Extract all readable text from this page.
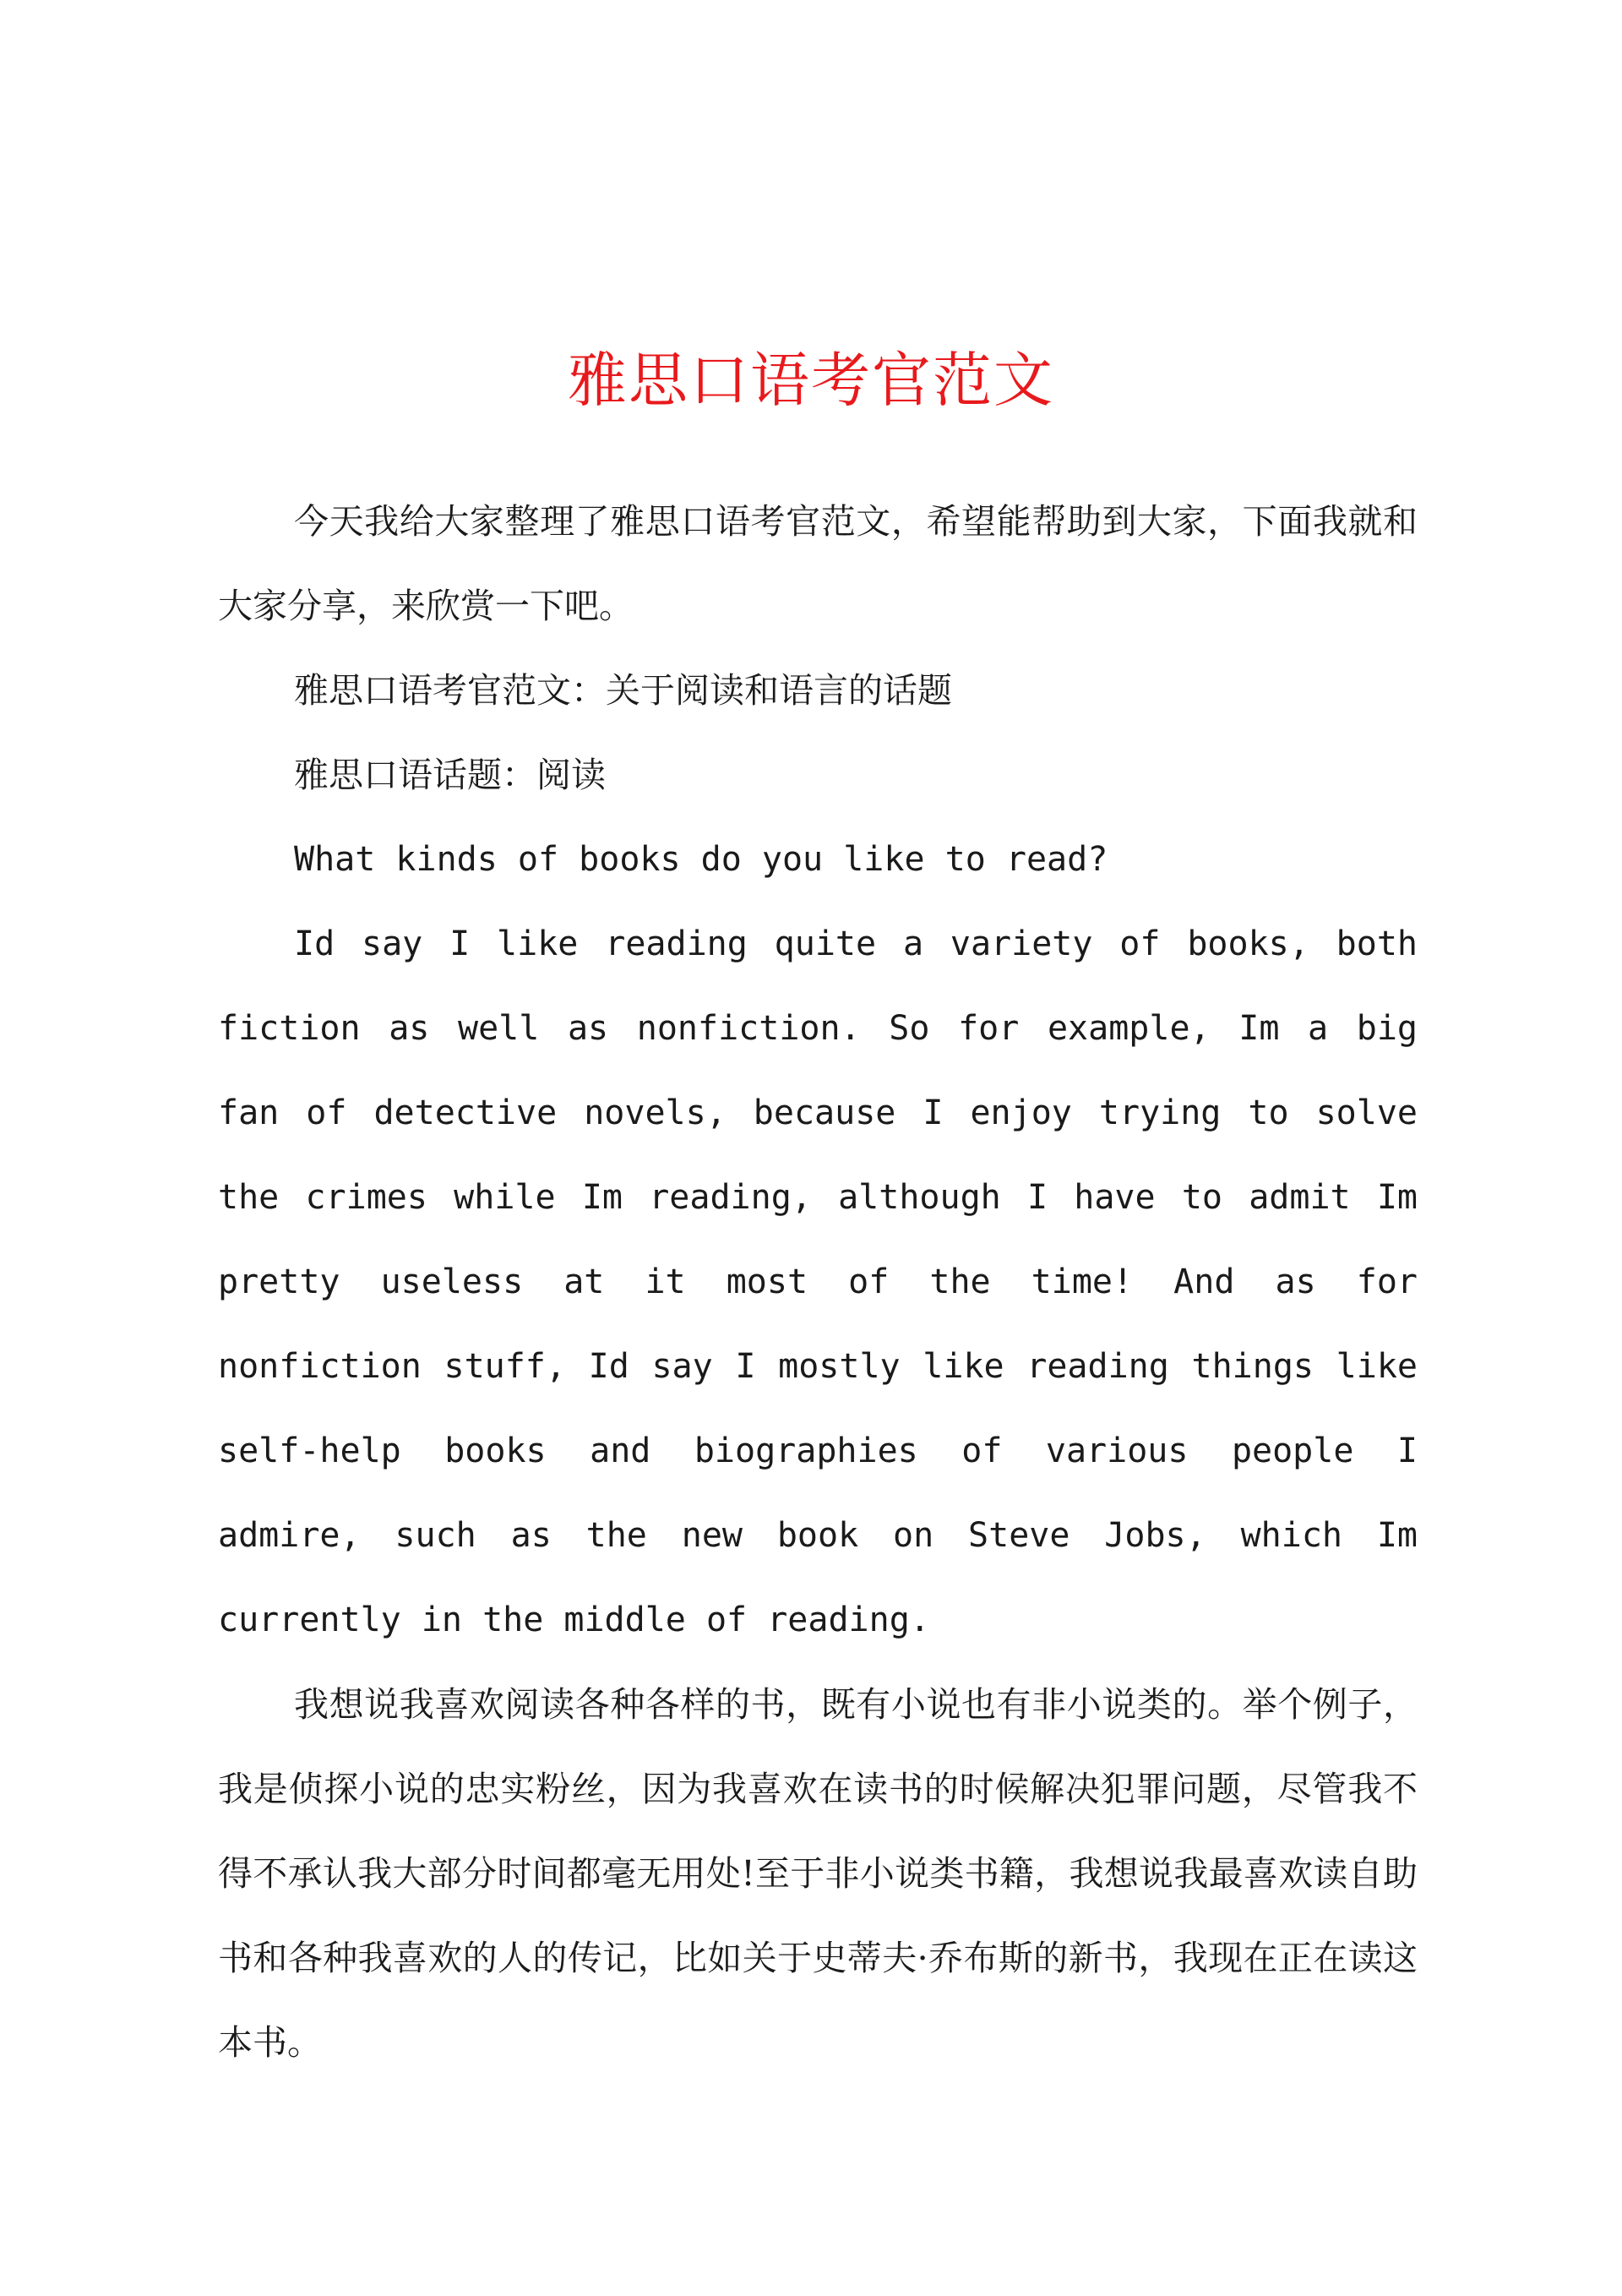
雅思口语考官范文

今天我给大家整理了雅思口语考官范文，希望能帮助到大家，下面我就和大家分享，来欣赏一下吧。

雅思口语考官范文：关于阅读和语言的话题

雅思口语话题：阅读

What kinds of books do you like to read?

Id say I like reading quite a variety of books, both fiction as well as nonfiction. So for example, Im a big fan of detective novels, because I enjoy trying to solve the crimes while Im reading, although I have to admit Im pretty useless at it most of the time! And as for nonfiction stuff, Id say I mostly like reading things like self-help books and biographies of various people I admire, such as the new book on Steve Jobs, which Im currently in the middle of reading.

我想说我喜欢阅读各种各样的书，既有小说也有非小说类的。举个例子，我是侦探小说的忠实粉丝，因为我喜欢在读书的时候解决犯罪问题，尽管我不得不承认我大部分时间都毫无用处!至于非小说类书籍，我想说我最喜欢读自助书和各种我喜欢的人的传记，比如关于史蒂夫·乔布斯的新书，我现在正在读这本书。
